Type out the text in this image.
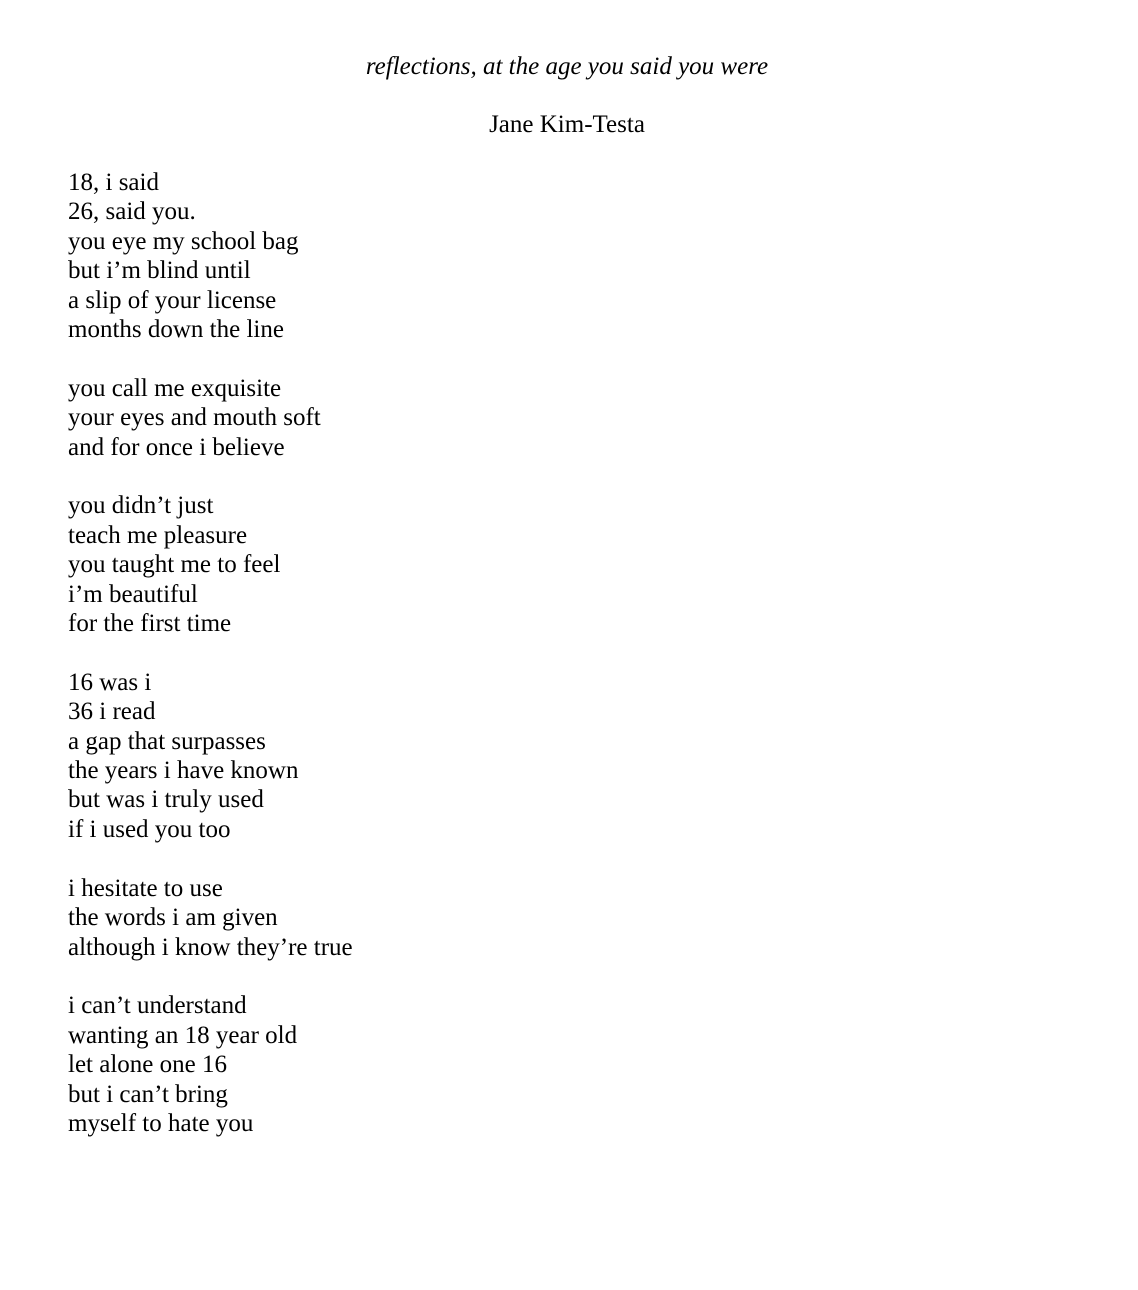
reflections, at the age you said you were
Jane Kim-Testa
18, i said
26, said you.
you eye my school bag
but i’m blind until
a slip of your license
months down the line
you call me exquisite
your eyes and mouth soft
and for once i believe
you didn’t just
teach me pleasure
you taught me to feel
i’m beautiful
for the first time
16 was i
36 i read
a gap that surpasses
the years i have known
but was i truly used
if i used you too
i hesitate to use
the words i am given
although i know they’re true
i can’t understand
wanting an 18 year old
let alone one 16
but i can’t bring
myself to hate you
